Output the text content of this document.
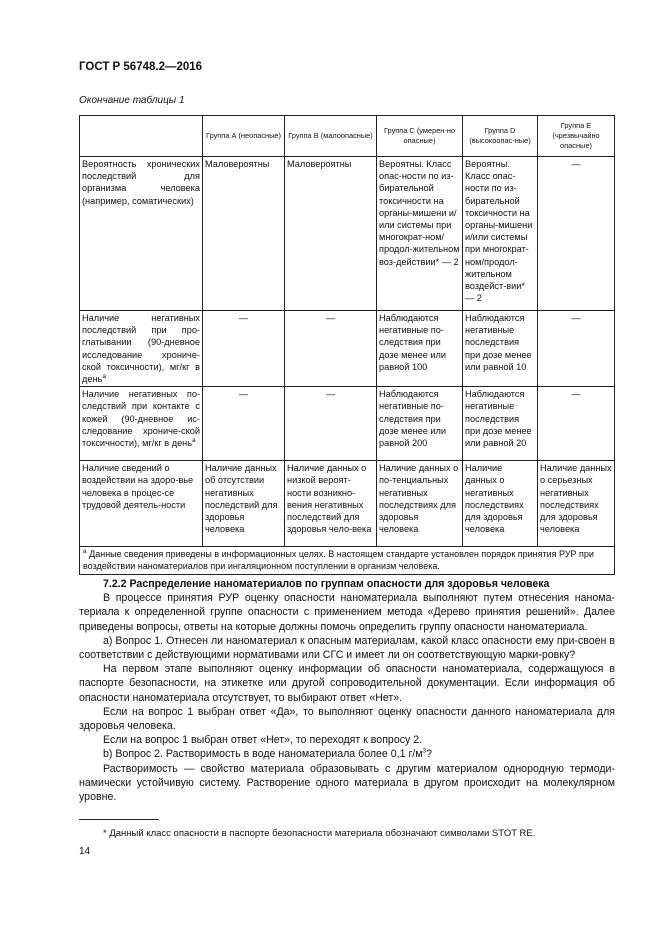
ГОСТ Р 56748.2—2016
Окончание таблицы 1
	Группа А (неопасные)	Группа В (малоопасные)	Группа С (умерен-но опасные)	Группа D (высокоопас-ные)	Группа Е (чрезвычайно опасные)
Вероятность хронических последствий для организма человека (например, соматических)	Маловероятны	Маловероятны	Вероятны. Класс опас-ности по из-бирательной токсичности на органы-мишени и/или системы при многократ-ном/продол-жительном воз-действии* — 2	Вероятны. Класс опас-ности по из-бирательной токсичности на органы-мишени и/или системы при многократ-ном/продол-жительном воздейст-вии* — 2	—
Наличие негативных последствий при про-глатывании (90-дневное исследование хрониче-ской токсичности), мг/кг в день$^a$	—	—	Наблюдаются негативные по-следствия при дозе менее или равной 100	Наблюдаются негативные последствия при дозе менее или равной 10	—
Наличие негативных по-следствий при контакте с кожей (90-дневное ис-следование хрониче-ской токсичности), мг/кг в день$^a$	—	—	Наблюдаются негативные по-следствия при дозе менее или равной 200	Наблюдаются негативные последствия при дозе менее или равной 20	—
Наличие сведений о воздействии на здоро-вье человека в процес-се трудовой деятель-ности	Наличие данных об отсутствии негативных последствий для здоровья человека	Наличие данных о низкой вероят-ности возникно-вения негативных последствий для здоровья чело-века	Наличие данных о по-тенциальных негативных последствиях для здоровья человека	Наличие данных о негативных последствиях для здоровья человека	Наличие данных о серьезных негативных последствиях для здоровья человека
$^a$ Данные сведения приведены в информационных целях. В настоящем стандарте установлен порядок принятия РУР при воздействии наноматериалов при ингаляционном поступлении в организм человека.					

7.2.2 Распределение наноматериалов по группам опасности для здоровья человека

В процессе принятия РУР оценку опасности наноматериала выполняют путем отнесения нанома-териала к определенной группе опасности с применением метода «Дерево принятия решений». Далее приведены вопросы, ответы на которые должны помочь определить группу опасности наноматериала.

а) Вопрос 1. Отнесен ли наноматериал к опасным материалам, какой класс опасности ему при-своен в соответствии с действующими нормативами или СГС и имеет ли он соответствующую марки-ровку?

На первом этапе выполняют оценку информации об опасности наноматериала, содержащуюся в паспорте безопасности, на этикетке или другой сопроводительной документации. Если информация об опасности наноматериала отсутствует, то выбирают ответ «Нет».

Если на вопрос 1 выбран ответ «Да», то выполняют оценку опасности данного наноматериала для здоровья человека.

Если на вопрос 1 выбран ответ «Нет», то переходят к вопросу 2.

b) Вопрос 2. Растворимость в воде наноматериала более 0,1 $г/м^3$?

Растворимость — свойство материала образовывать с другим материалом однородную термоди-намически устойчивую систему. Растворение одного материала в другом происходит на молекулярном уровне.

* Данный класс опасности в паспорте безопасности материала обозначают символами STOT RE.
14
